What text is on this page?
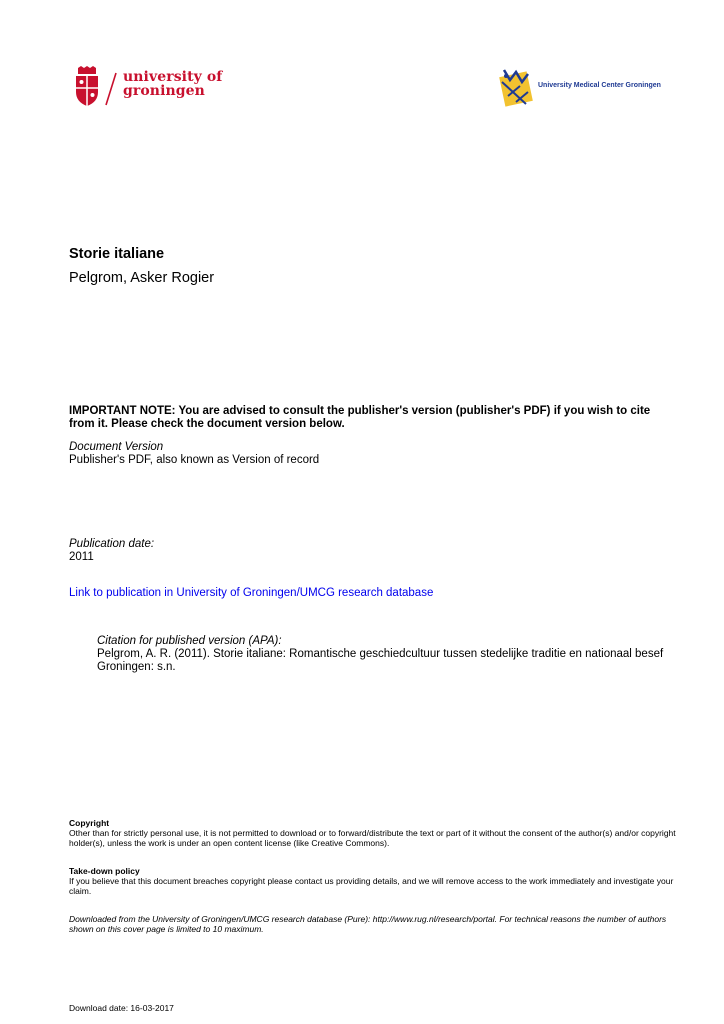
university of
groningen	University Medical Center Groningen
Storie italiane
Pelgrom, Asker Rogier
IMPORTANT NOTE: You are advised to consult the publisher's version (publisher's PDF) if you wish to cite from it. Please check the document version below.
Document Version
Publisher's PDF, also known as Version of record
Publication date:
2011
Link to publication in University of Groningen/UMCG research database
Citation for published version (APA):
Pelgrom, A. R. (2011). Storie italiane: Romantische geschiedcultuur tussen stedelijke traditie en nationaal besef Groningen: s.n.
Copyright
Other than for strictly personal use, it is not permitted to download or to forward/distribute the text or part of it without the consent of the author(s) and/or copyright holder(s), unless the work is under an open content license (like Creative Commons).
Take-down policy
If you believe that this document breaches copyright please contact us providing details, and we will remove access to the work immediately and investigate your claim.
Downloaded from the University of Groningen/UMCG research database (Pure): http://www.rug.nl/research/portal. For technical reasons the number of authors shown on this cover page is limited to 10 maximum.
Download date: 16-03-2017
